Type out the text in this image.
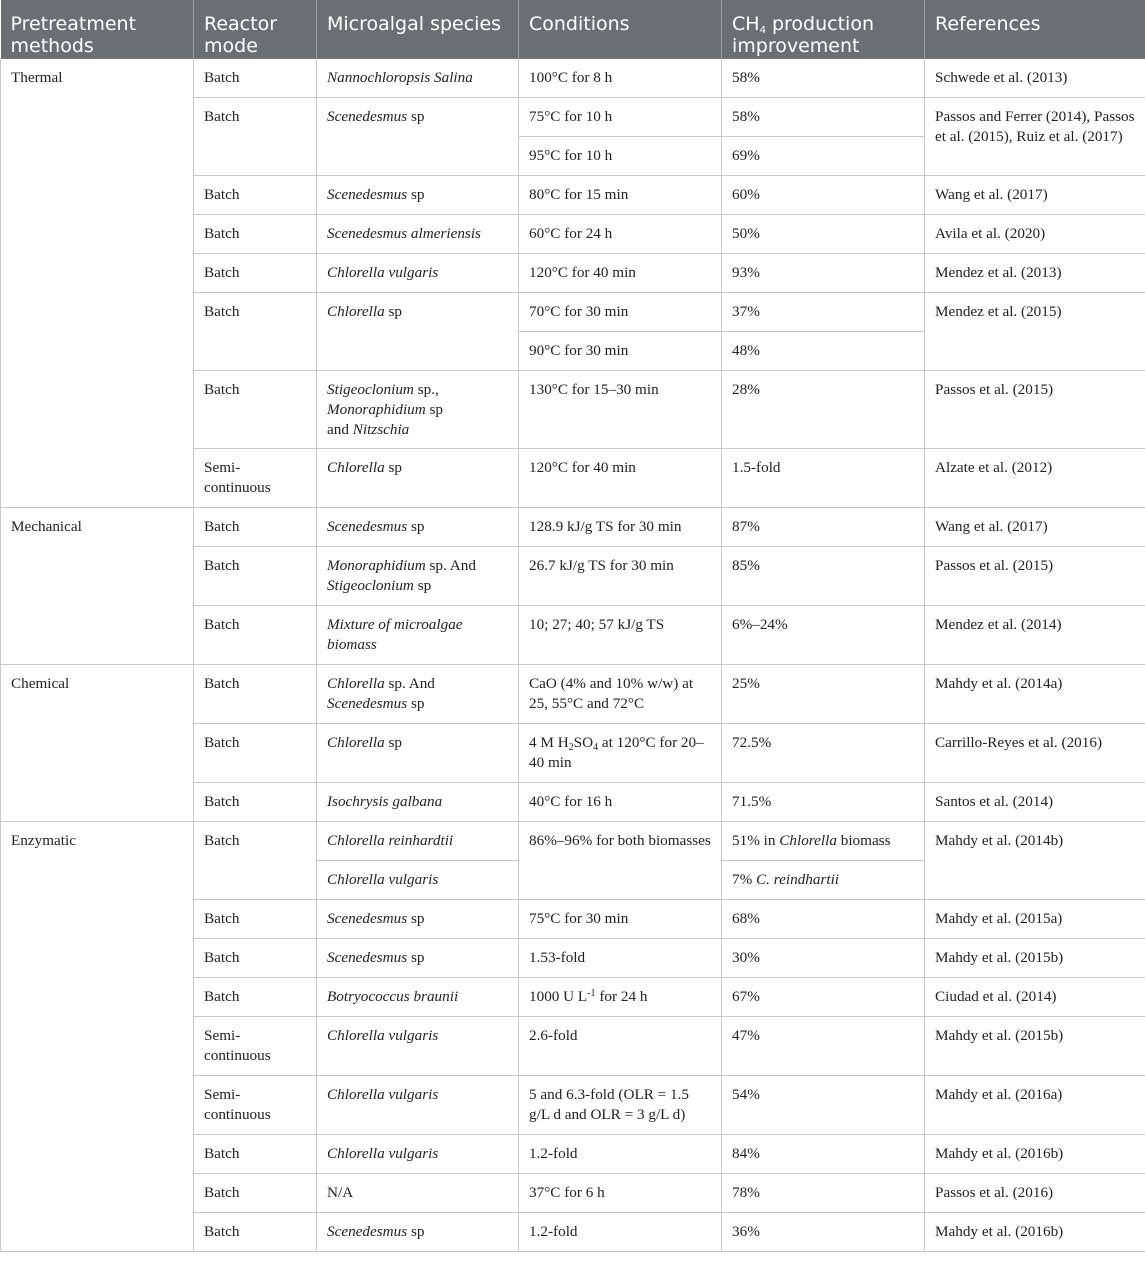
Pretreatment methods	Reactor mode	Microalgal species	Conditions	$CH_4$ production improvement	References
Thermal	Batch	Nannochloropsis Salina	100°C for 8 h	58%	Schwede et al. (2013)
	Batch	Scenedesmus sp	75°C for 10 h	58%	Passos and Ferrer (2014), Passos et al. (2015), Ruiz et al. (2017)
			95°C for 10 h	69%	
	Batch	Scenedesmus sp	80°C for 15 min	60%	Wang et al. (2017)
	Batch	Scenedesmus almeriensis	60°C for 24 h	50%	Avila et al. (2020)
	Batch	Chlorella vulgaris	120°C for 40 min	93%	Mendez et al. (2013)
	Batch	Chlorella sp	70°C for 30 min	37%	Mendez et al. (2015)
			90°C for 30 min	48%	
	Batch	Stigeoclonium sp.,
Monoraphidium sp
and Nitzschia	130°C for 15–30 min	28%	Passos et al. (2015)
	Semi-continuous	Chlorella sp	120°C for 40 min	1.5-fold	Alzate et al. (2012)
Mechanical	Batch	Scenedesmus sp	128.9 kJ/g TS for 30 min	87%	Wang et al. (2017)
	Batch	Monoraphidium sp. And
Stigeoclonium sp	26.7 kJ/g TS for 30 min	85%	Passos et al. (2015)
	Batch	Mixture of microalgae biomass	10; 27; 40; 57 kJ/g TS	6%–24%	Mendez et al. (2014)
Chemical	Batch	Chlorella sp. And
Scenedesmus sp	CaO (4% and 10% w/w) at 25, 55°C and 72°C	25%	Mahdy et al. (2014a)
	Batch	Chlorella sp	4 M $H_2SO_4$ at 120°C for 20–40 min	72.5%	Carrillo-Reyes et al. (2016)
	Batch	Isochrysis galbana	40°C for 16 h	71.5%	Santos et al. (2014)
Enzymatic	Batch	Chlorella reinhardtii	86%–96% for both biomasses	51% in Chlorella biomass	Mahdy et al. (2014b)
		Chlorella vulgaris		7% C. reindhartii	
	Batch	Scenedesmus sp	75°C for 30 min	68%	Mahdy et al. (2015a)
	Batch	Scenedesmus sp	1.53-fold	30%	Mahdy et al. (2015b)
	Batch	Botryococcus braunii	1000 U $L^{-1}$ for 24 h	67%	Ciudad et al. (2014)
	Semi-continuous	Chlorella vulgaris	2.6-fold	47%	Mahdy et al. (2015b)
	Semi-continuous	Chlorella vulgaris	5 and 6.3-fold (OLR = 1.5 g/L d and OLR = 3 g/L d)	54%	Mahdy et al. (2016a)
	Batch	Chlorella vulgaris	1.2-fold	84%	Mahdy et al. (2016b)
	Batch	N/A	37°C for 6 h	78%	Passos et al. (2016)
	Batch	Scenedesmus sp	1.2-fold	36%	Mahdy et al. (2016b)
